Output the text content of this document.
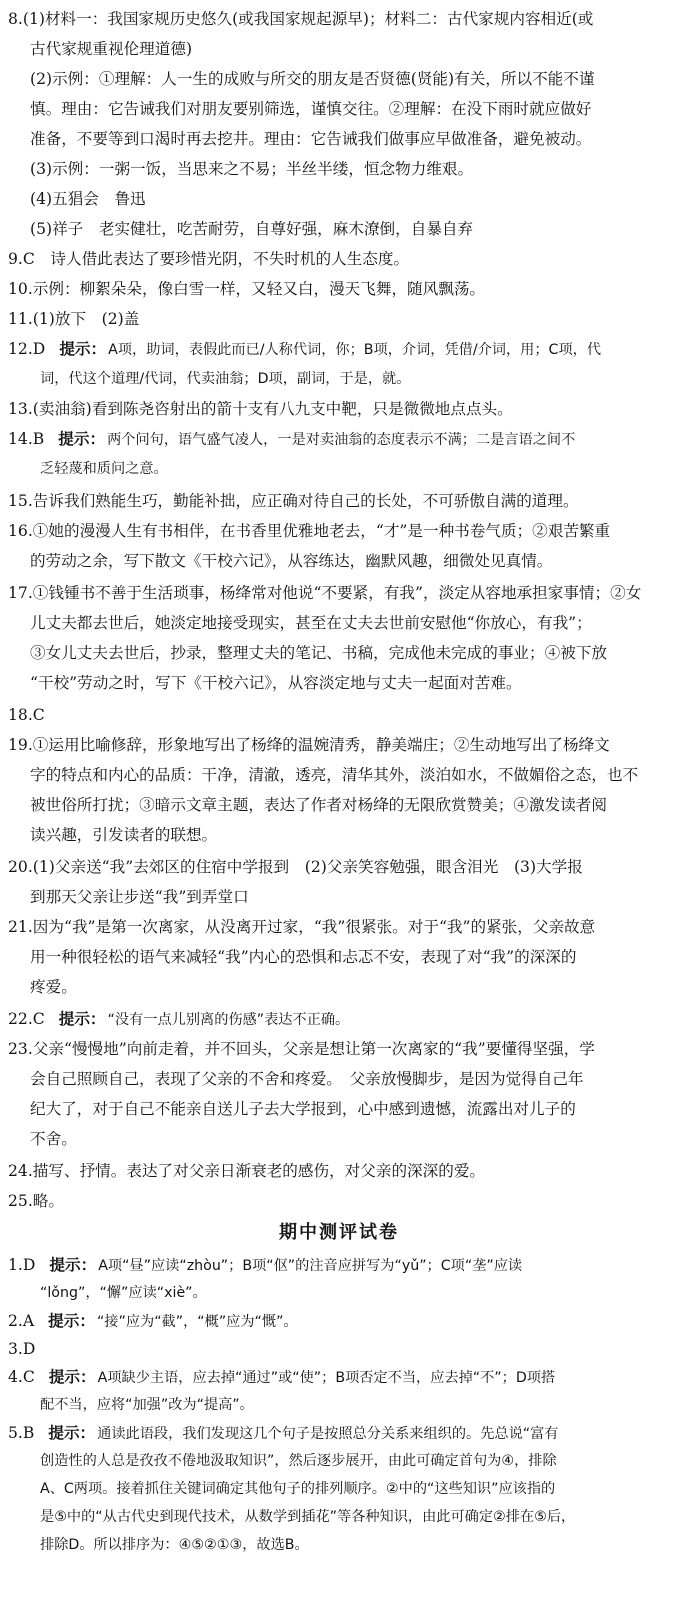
8.(1)材料一：我国家规历史悠久(或我国家规起源早)；材料二：古代家规内容相近(或
古代家规重视伦理道德)
(2)示例：①理解：人一生的成败与所交的朋友是否贤德(贤能)有关，所以不能不谨
慎。理由：它告诫我们对朋友要别筛选，谨慎交往。②理解：在没下雨时就应做好
准备，不要等到口渴时再去挖井。理由：它告诫我们做事应早做准备，避免被动。
(3)示例：一粥一饭，当思来之不易；半丝半缕，恒念物力维艰。
(4)五猖会　鲁迅
(5)祥子　老实健壮，吃苦耐劳，自尊好强，麻木潦倒，自暴自弃
9.C　诗人借此表达了要珍惜光阴，不失时机的人生态度。
10.示例：柳絮朵朵，像白雪一样，又轻又白，漫天飞舞，随风飘荡。
11.(1)放下　(2)盖
12.D 提示： A项，助词，表假此而已/人称代词，你；B项，介词，凭借/介词，用；C项，代
词，代这个道理/代词，代卖油翁；D项，副词，于是，就。
13.(卖油翁)看到陈尧咨射出的箭十支有八九支中靶，只是微微地点点头。
14.B 提示： 两个问句，语气盛气凌人，一是对卖油翁的态度表示不满；二是言语之间不
乏轻蔑和质问之意。
15.告诉我们熟能生巧，勤能补拙，应正确对待自己的长处，不可骄傲自满的道理。
16.①她的漫漫人生有书相伴，在书香里优雅地老去，“才”是一种书卷气质；②艰苦繁重
的劳动之余，写下散文《干校六记》，从容练达，幽默风趣，细微处见真情。
17.①钱锺书不善于生活琐事，杨绛常对他说“不要紧，有我”，淡定从容地承担家事情；②女
儿丈夫都去世后，她淡定地接受现实，甚至在丈夫去世前安慰他“你放心，有我”；
③女儿丈夫去世后，抄录，整理丈夫的笔记、书稿，完成他未完成的事业；④被下放
“干校”劳动之时，写下《干校六记》，从容淡定地与丈夫一起面对苦难。
18.C
19.①运用比喻修辞，形象地写出了杨绛的温婉清秀，静美端庄；②生动地写出了杨绛文
字的特点和内心的品质：干净，清澈，透亮，清华其外，淡泊如水，不做媚俗之态，也不
被世俗所打扰；③暗示文章主题，表达了作者对杨绛的无限欣赏赞美；④激发读者阅
读兴趣，引发读者的联想。
20.(1)父亲送“我”去郊区的住宿中学报到　(2)父亲笑容勉强，眼含泪光　(3)大学报
到那天父亲让步送“我”到弄堂口
21.因为“我”是第一次离家，从没离开过家，“我”很紧张。对于“我”的紧张，父亲故意
用一种很轻松的语气来减轻“我”内心的恐惧和忐忑不安，表现了对“我”的深深的
疼爱。
22.C 提示： “没有一点儿别离的伤感”表达不正确。
23.父亲“慢慢地”向前走着，并不回头，父亲是想让第一次离家的“我”要懂得坚强，学
会自己照顾自己，表现了父亲的不舍和疼爱。　父亲放慢脚步，是因为觉得自己年
纪大了，对于自己不能亲自送儿子去大学报到，心中感到遗憾，流露出对儿子的
不舍。
24.描写、抒情。表达了对父亲日渐衰老的感伤，对父亲的深深的爱。
25.略。
期中测评试卷
1.D 提示： A项“昼”应读“zhòu”；B项“伛”的注音应拼写为“yǔ”；C项“垄”应读
“lǒng”，“懈”应读“xiè”。
2.A 提示： “接”应为“截”，“概”应为“慨”。
3.D
4.C 提示： A项缺少主语，应去掉“通过”或“使”；B项否定不当，应去掉“不”；D项搭
配不当，应将“加强”改为“提高”。
5.B 提示： 通读此语段，我们发现这几个句子是按照总分关系来组织的。先总说“富有
创造性的人总是孜孜不倦地汲取知识”，然后逐步展开，由此可确定首句为④，排除
A、C两项。接着抓住关键词确定其他句子的排列顺序。②中的“这些知识”应该指的
是⑤中的“从古代史到现代技术，从数学到插花”等各种知识，由此可确定②排在⑤后，
排除D。所以排序为：④⑤②①③，故选B。
